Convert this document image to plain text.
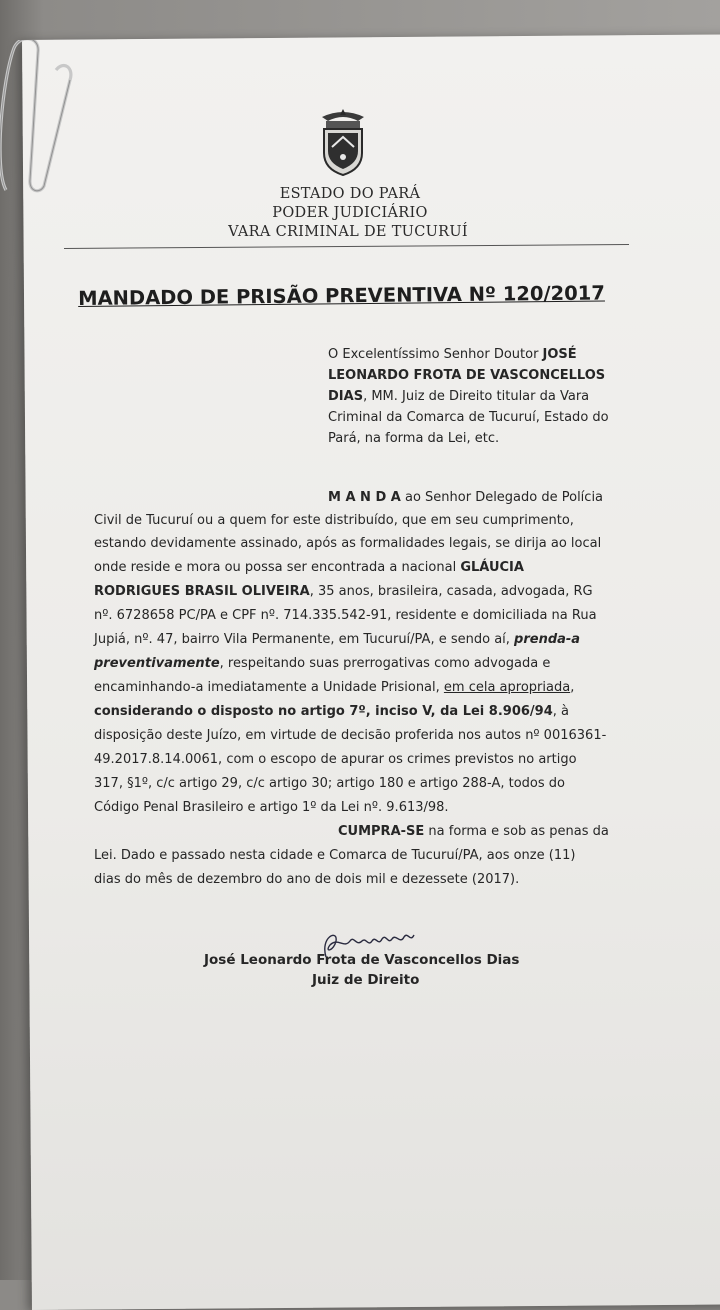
ESTADO DO PARÁ
PODER JUDICIÁRIO
VARA CRIMINAL DE TUCURUÍ
MANDADO DE PRISÃO PREVENTIVA Nº 120/2017
O Excelentíssimo Senhor Doutor JOSÉ
LEONARDO FROTA DE VASCONCELLOS
DIAS, MM. Juiz de Direito titular da Vara
Criminal da Comarca de Tucuruí, Estado do
Pará, na forma da Lei, etc.
M A N D A ao Senhor Delegado de Polícia
Civil de Tucuruí ou a quem for este distribuído, que em seu cumprimento,
estando devidamente assinado, após as formalidades legais, se dirija ao local
onde reside e mora ou possa ser encontrada a nacional GLÁUCIA
RODRIGUES BRASIL OLIVEIRA, 35 anos, brasileira, casada, advogada, RG
nº. 6728658 PC/PA e CPF nº. 714.335.542-91, residente e domiciliada na Rua
Jupiá, nº. 47, bairro Vila Permanente, em Tucuruí/PA, e sendo aí, prenda-a
preventivamente, respeitando suas prerrogativas como advogada e
encaminhando-a imediatamente a Unidade Prisional, em cela apropriada,
considerando o disposto no artigo 7º, inciso V, da Lei 8.906/94, à
disposição deste Juízo, em virtude de decisão proferida nos autos nº 0016361-
49.2017.8.14.0061, com o escopo de apurar os crimes previstos no artigo
317, §1º, c/c artigo 29, c/c artigo 30; artigo 180 e artigo 288-A, todos do
Código Penal Brasileiro e artigo 1º da Lei nº. 9.613/98.
CUMPRA-SE na forma e sob as penas da
Lei. Dado e passado nesta cidade e Comarca de Tucuruí/PA, aos onze (11)
dias do mês de dezembro do ano de dois mil e dezessete (2017).
José Leonardo Frota de Vasconcellos Dias
Juiz de Direito
